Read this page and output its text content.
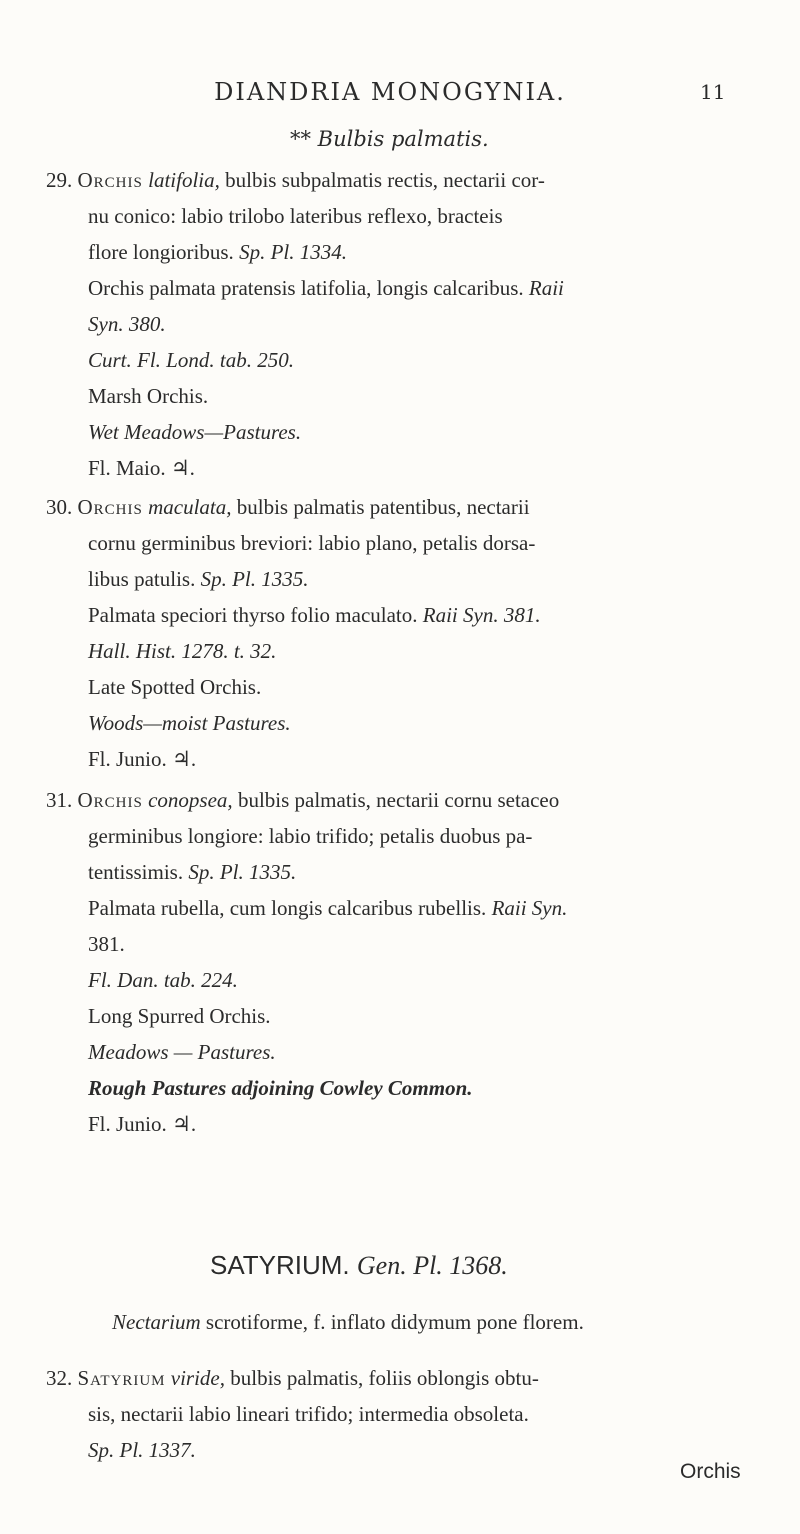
DIANDRIA MONOGYNIA.	11
** Bulbis palmatis.
29. Orchis latifolia, bulbis subpalmatis rectis, nectarii cor-
nu conico: labio trilobo lateribus reflexo, bracteis
flore longioribus. Sp. Pl. 1334.
Orchis palmata pratensis latifolia, longis calcaribus. Raii
Syn. 380.
Curt. Fl. Lond. tab. 250.
Marsh Orchis.
Wet Meadows—Pastures.
Fl. Maio. ♃.
30. Orchis maculata, bulbis palmatis patentibus, nectarii
cornu germinibus breviori: labio plano, petalis dorsa-
libus patulis. Sp. Pl. 1335.
Palmata speciori thyrso folio maculato. Raii Syn. 381.
Hall. Hist. 1278. t. 32.
Late Spotted Orchis.
Woods—moist Pastures.
Fl. Junio. ♃.
31. Orchis conopsea, bulbis palmatis, nectarii cornu setaceo
germinibus longiore: labio trifido; petalis duobus pa-
tentissimis. Sp. Pl. 1335.
Palmata rubella, cum longis calcaribus rubellis. Raii Syn.
381.
Fl. Dan. tab. 224.
Long Spurred Orchis.
Meadows — Pastures.
Rough Pastures adjoining Cowley Common.
Fl. Junio. ♃.
SATYRIUM. Gen. Pl. 1368.
Nectarium scrotiforme, f. inflato didymum pone florem.
32. Satyrium viride, bulbis palmatis, foliis oblongis obtu-
sis, nectarii labio lineari trifido; intermedia obsoleta.
Sp. Pl. 1337.
Orchis
